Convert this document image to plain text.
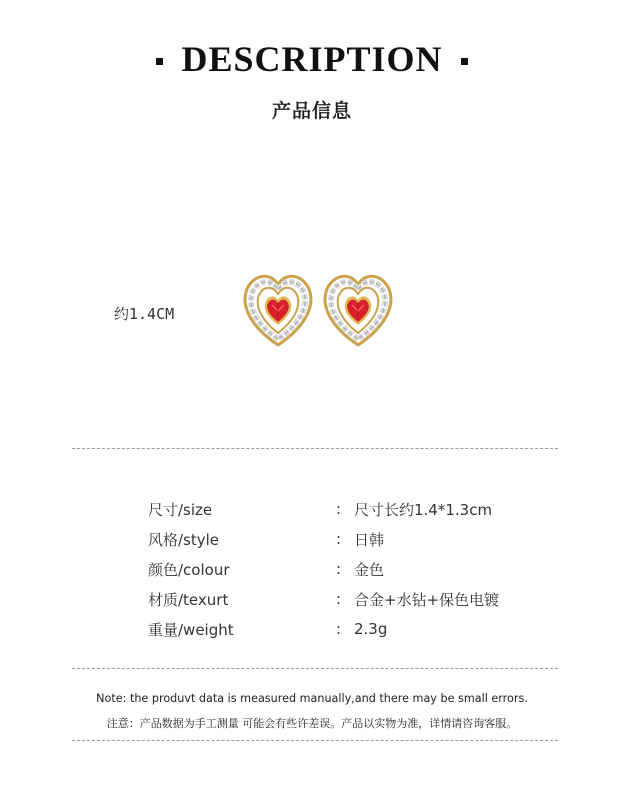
DESCRIPTION
产品信息
约1.4CM
尺寸/size	: 尺寸长约1.4*1.3cm
风格/style	: 日韩
颜色/colour	: 金色
材质/texurt	: 合金+水钻+保色电镀
重量/weight	: 2.3g
Note: the produvt data is measured manually,and there may be small errors.
注意：产品数据为手工测量 可能会有些许差误。产品以实物为准，详情请咨询客服。
